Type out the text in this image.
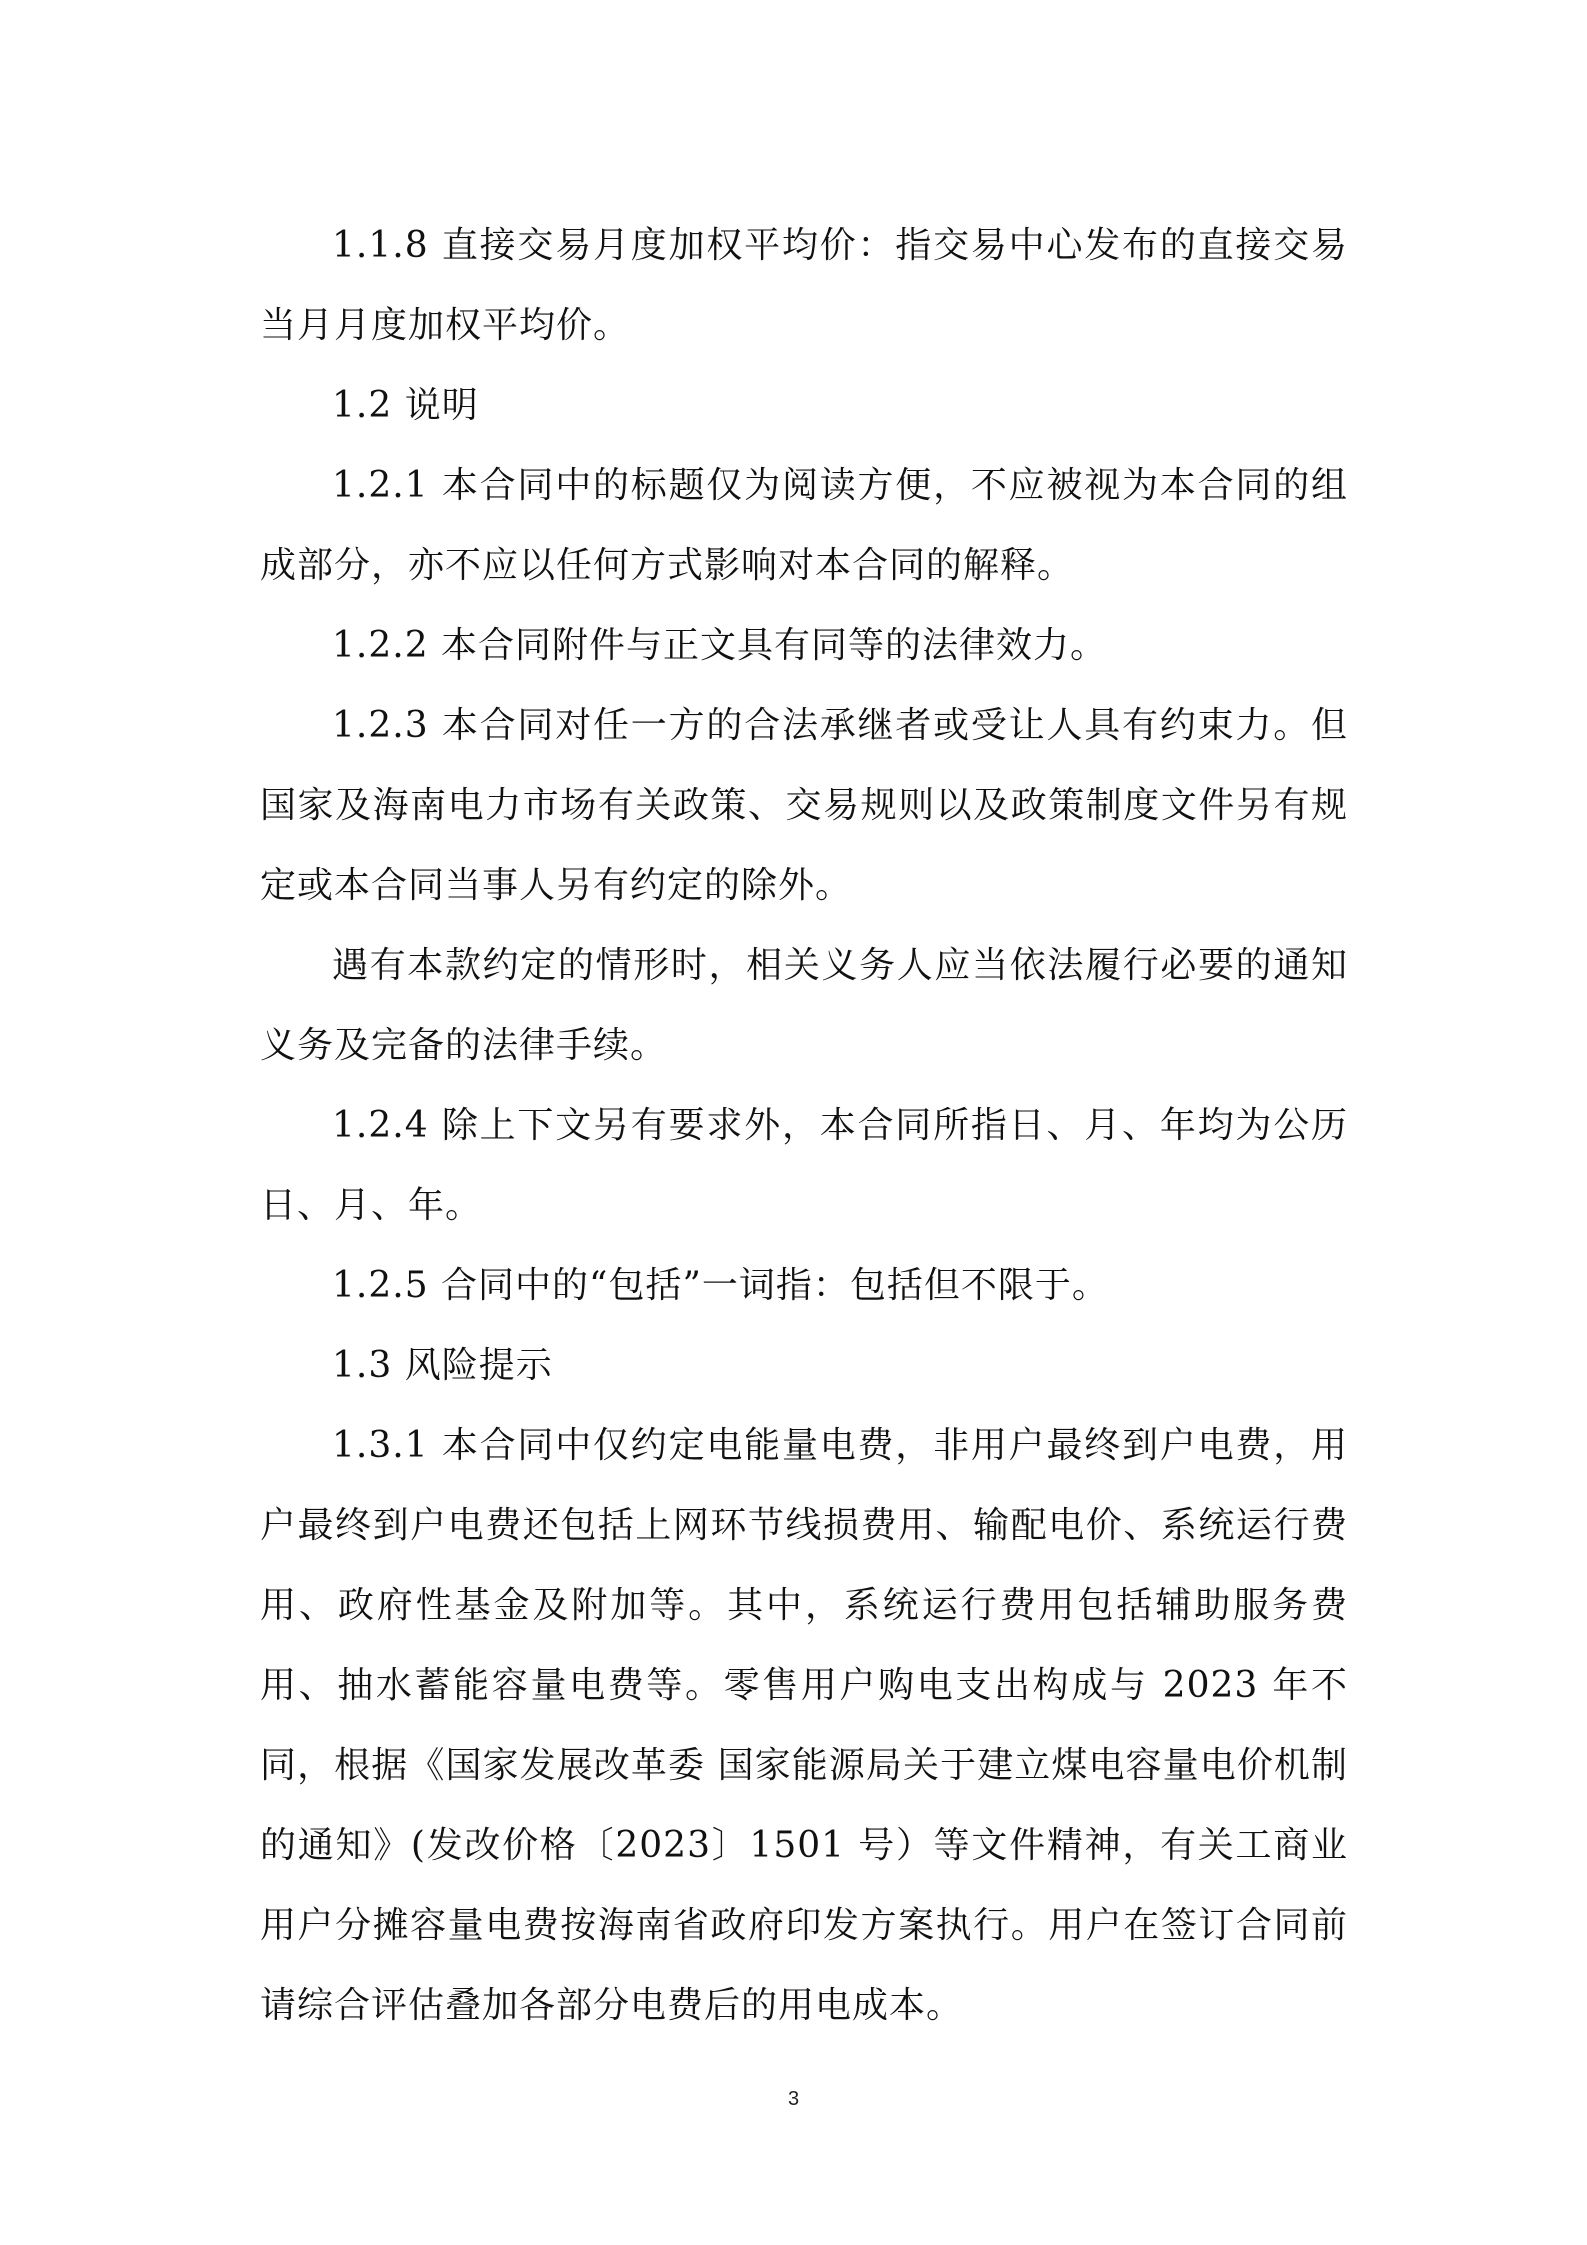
1.1.8 直接交易月度加权平均价：指交易中心发布的直接交易当月月度加权平均价。

1.2 说明

1.2.1 本合同中的标题仅为阅读方便，不应被视为本合同的组成部分，亦不应以任何方式影响对本合同的解释。

1.2.2 本合同附件与正文具有同等的法律效力。

1.2.3 本合同对任一方的合法承继者或受让人具有约束力。但国家及海南电力市场有关政策、交易规则以及政策制度文件另有规定或本合同当事人另有约定的除外。

遇有本款约定的情形时，相关义务人应当依法履行必要的通知义务及完备的法律手续。

1.2.4 除上下文另有要求外，本合同所指日、月、年均为公历日、月、年。

1.2.5 合同中的“包括”一词指：包括但不限于。

1.3 风险提示

1.3.1 本合同中仅约定电能量电费，非用户最终到户电费，用户最终到户电费还包括上网环节线损费用、输配电价、系统运行费用、政府性基金及附加等。其中，系统运行费用包括辅助服务费用、抽水蓄能容量电费等。零售用户购电支出构成与 2023 年不同，根据《国家发展改革委 国家能源局关于建立煤电容量电价机制的通知》(发改价格〔2023〕1501 号）等文件精神，有关工商业用户分摊容量电费按海南省政府印发方案执行。用户在签订合同前请综合评估叠加各部分电费后的用电成本。

3
